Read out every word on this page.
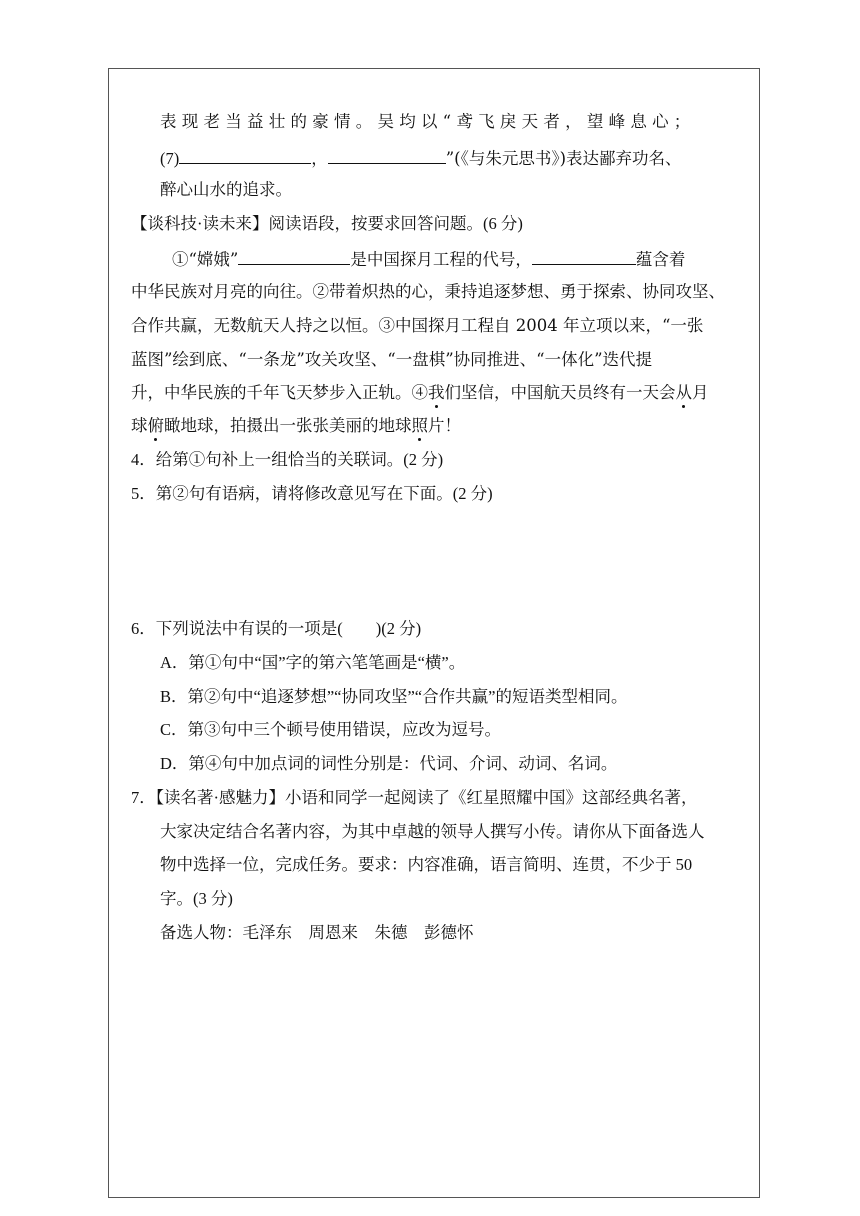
表 现 老 当 益 壮 的 豪 情 。 吴 均 以 “ 鸢 飞 戾 天 者 ， 望 峰 息 心 ；
(7)	，	”(《与朱元思书》)表达鄙弃功名、
醉心山水的追求。
【谈科技·读未来】阅读语段，按要求回答问题。(6 分)
①“嫦娥”	是中国探月工程的代号，	蕴含着
中华民族对月亮的向往。②带着炽热的心，秉持追逐梦想、勇于探索、协同攻坚、
合作共赢，无数航天人持之以恒。③中国探月工程自 2004 年立项以来，“一张
蓝图”绘到底、“一条龙”攻关攻坚、“一盘棋”协同推进、“一体化”迭代提
升，中华民族的千年飞天梦步入正轨。④我们坚信，中国航天员终有一天会从月
球俯瞰地球，拍摄出一张张美丽的地球照片！
4．给第①句补上一组恰当的关联词。(2 分)
5．第②句有语病，请将修改意见写在下面。(2 分)
6．下列说法中有误的一项是(　　)(2 分)
A．第①句中“国”字的第六笔笔画是“横”。
B．第②句中“追逐梦想”“协同攻坚”“合作共赢”的短语类型相同。
C．第③句中三个顿号使用错误，应改为逗号。
D．第④句中加点词的词性分别是：代词、介词、动词、名词。
7．【读名著·感魅力】小语和同学一起阅读了《红星照耀中国》这部经典名著，
大家决定结合名著内容，为其中卓越的领导人撰写小传。请你从下面备选人
物中选择一位，完成任务。要求：内容准确，语言简明、连贯，不少于 50
字。(3 分)
备选人物：毛泽东　周恩来　朱德　彭德怀
